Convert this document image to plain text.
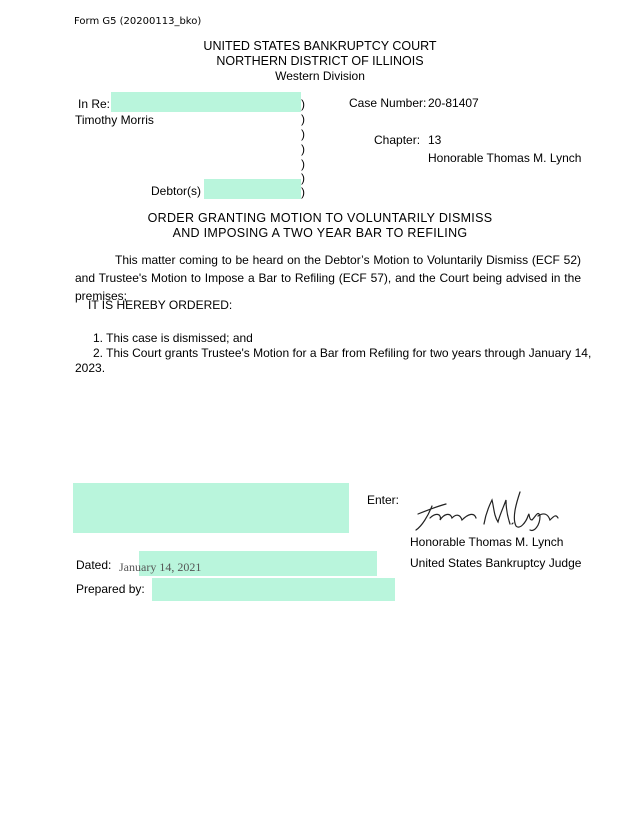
Form G5 (20200113_bko)
UNITED STATES BANKRUPTCY COURT
NORTHERN DISTRICT OF ILLINOIS
Western Division
In Re:
Timothy Morris
Debtor(s)
)
)
)
)
)
)
)
Case Number: 20-81407
Chapter: 13
Honorable Thomas M. Lynch
ORDER GRANTING MOTION TO VOLUNTARILY DISMISS
AND IMPOSING A TWO YEAR BAR TO REFILING
This matter coming to be heard on the Debtor’s Motion to Voluntarily Dismiss (ECF 52) and Trustee's Motion to Impose a Bar to Refiling (ECF 57), and the Court being advised in the premises;
IT IS HEREBY ORDERED:
1. This case is dismissed; and
2. This Court grants Trustee's Motion for a Bar from Refiling for two years through January 14,
2023.
Enter:
Honorable Thomas M. Lynch
United States Bankruptcy Judge
Dated: January 14, 2021
Prepared by:
